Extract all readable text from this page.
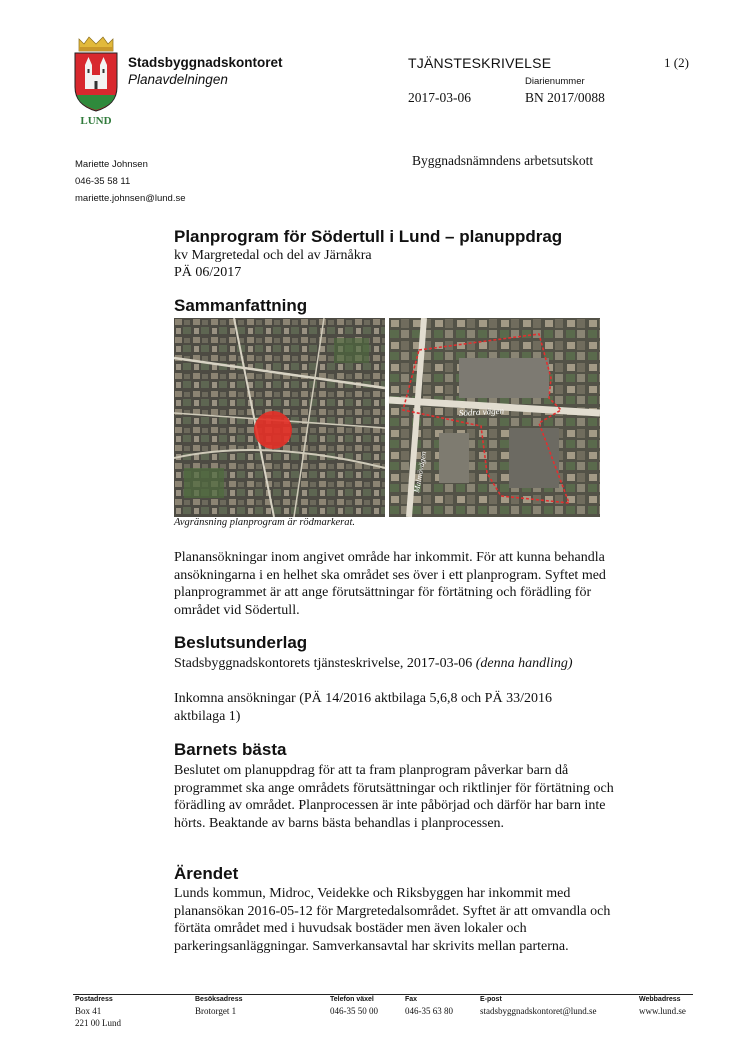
LUND
Stadsbyggnadskontoret
Planavdelningen
TJÄNSTESKRIVELSE	1 (2)
Diarienummer
2017-03-06	BN 2017/0088
Mariette Johnsen
046-35 58 11
mariette.johnsen@lund.se
Byggnadsnämndens arbetsutskott
Planprogram för Södertull i Lund – planuppdrag
kv Margretedal och del av Järnåkra
PÄ 06/2017
Sammanfattning
Södra vägen
Malmövägen
Avgränsning planprogram är rödmarkerat.
Planansökningar inom angivet område har inkommit. För att kunna behandla ansökningarna i en helhet ska området ses över i ett planprogram. Syftet med planprogrammet är att ange förutsättningar för förtätning och förädling för området vid Södertull.
Beslutsunderlag
Stadsbyggnadskontorets tjänsteskrivelse, 2017-03-06 (denna handling)
Inkomna ansökningar (PÄ 14/2016 aktbilaga 5,6,8 och PÄ 33/2016 aktbilaga 1)
Barnets bästa
Beslutet om planuppdrag för att ta fram planprogram påverkar barn då programmet ska ange områdets förutsättningar och riktlinjer för förtätning och förädling av området. Planprocessen är inte påbörjad och därför har barn inte hörts. Beaktande av barns bästa behandlas i planprocessen.
Ärendet
Lunds kommun, Midroc, Veidekke och Riksbyggen har inkommit med planansökan 2016-05-12 för Margretedalsområdet. Syftet är att omvandla och förtäta området med i huvudsak bostäder men även lokaler och parkeringsanläggningar. Samverkansavtal har skrivits mellan parterna.
Postadress
Box 41
221 00 Lund
Besöksadress
Brotorget 1
Telefon växel
046-35 50 00
Fax
046-35 63 80
E-post
stadsbyggnadskontoret@lund.se
Webbadress
www.lund.se
